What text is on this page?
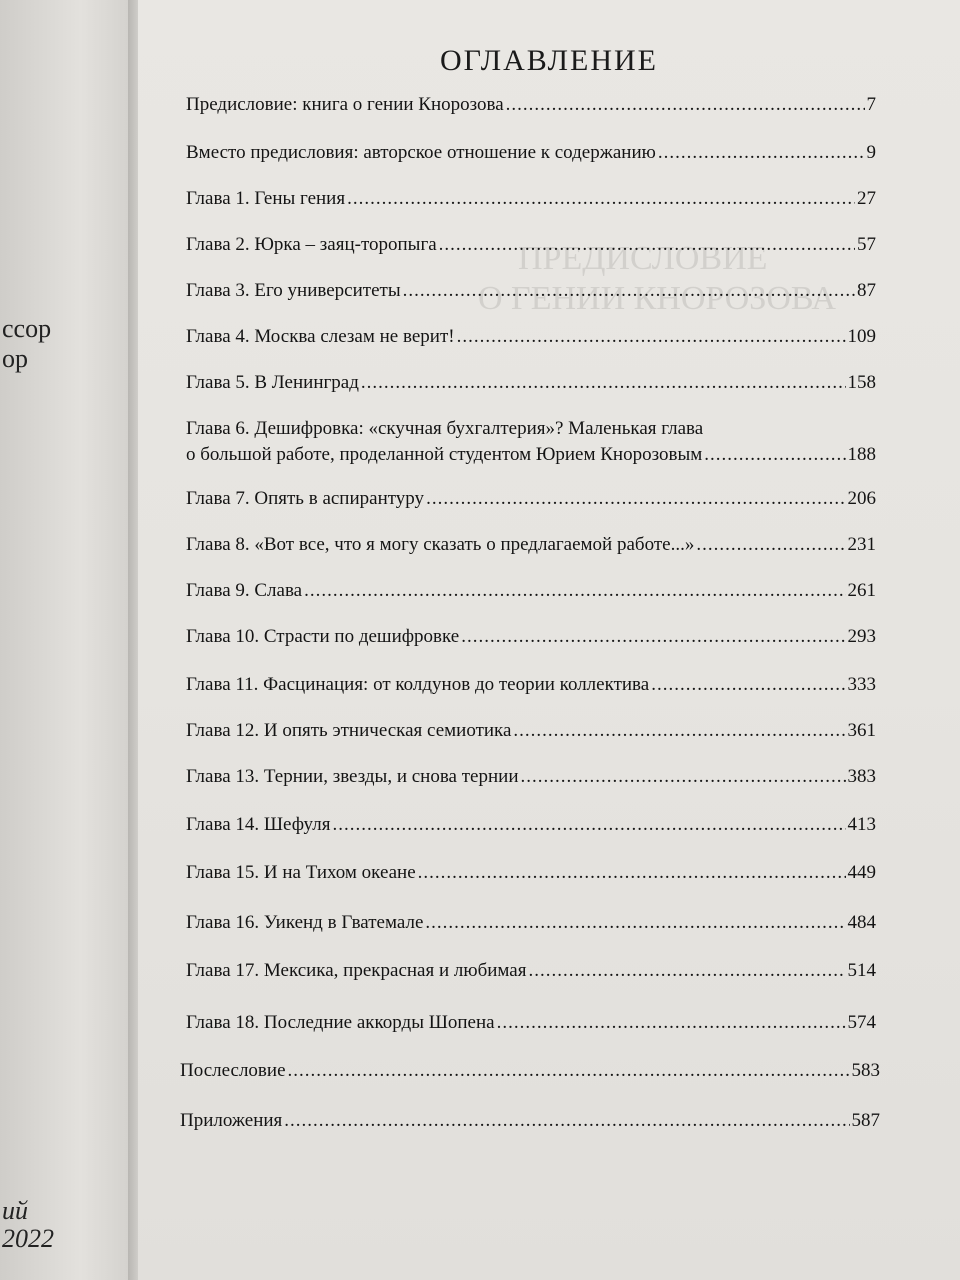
ссор
ор
ий
2022
ПРЕДИСЛОВИЕ
О ГЕНИИ КНОРОЗОВА
ОГЛАВЛЕНИЕ
Предисловие: книга о гении Кнорозова .....	7
Вместо предисловия: авторское отношение к содержанию .....	9
Глава 1. Гены гения .....	27
Глава 2. Юрка – заяц-торопыга .....	57
Глава 3. Его университеты .....	87
Глава 4. Москва слезам не верит! .....	109
Глава 5. В Ленинград .....	158
Глава 6. Дешифровка: «скучная бухгалтерия»? Маленькая глава
о большой работе, проделанной студентом Юрием Кнорозовым .....	188
Глава 7. Опять в аспирантуру .....	206
Глава 8. «Вот все, что я могу сказать о предлагаемой работе...» .....	231
Глава 9. Слава .....	261
Глава 10. Страсти по дешифровке .....	293
Глава 11. Фасцинация: от колдунов до теории коллектива .....	333
Глава 12. И опять этническая семиотика .....	361
Глава 13. Тернии, звезды, и снова тернии .....	383
Глава 14. Шефуля .....	413
Глава 15. И на Тихом океане .....	449
Глава 16. Уикенд в Гватемале .....	484
Глава 17. Мексика, прекрасная и любимая .....	514
Глава 18. Последние аккорды Шопена .....	574
Послесловие .....	583
Приложения .....	587
